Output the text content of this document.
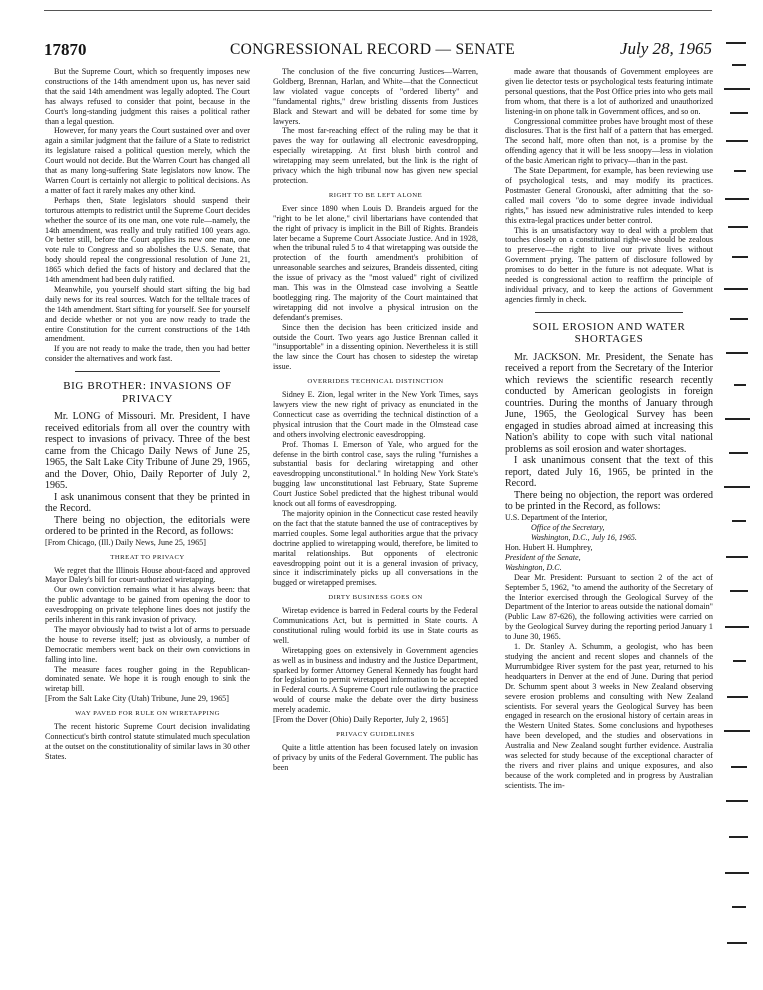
17870	CONGRESSIONAL RECORD — SENATE	July 28, 1965

But the Supreme Court, which so frequently imposes new constructions of the 14th amendment upon us, has never said that the said 14th amendment was legally adopted. The Court has always refused to consider that point, because in the Court's long-standing judgment this raises a political rather than a legal question.

However, for many years the Court sustained over and over again a similar judgment that the failure of a State to redistrict its legislature raised a political question merely, which the Court would not decide. But the Warren Court has changed all that as many long-suffering State legislators now know. The Warren Court is certainly not allergic to political decisions. As a matter of fact it rarely makes any other kind.

Perhaps then, State legislators should suspend their torturous attempts to redistrict until the Supreme Court decides whether the source of its one man, one vote rule—namely, the 14th amendment, was really and truly ratified 100 years ago. Or better still, before the Court applies its new one man, one vote rule to Congress and so abolishes the U.S. Senate, that body should repeal the congressional resolution of June 21, 1865 which defied the facts of history and declared that the 14th amendment had been duly ratified.

Meanwhile, you yourself should start sifting the big bad daily news for its real sources. Watch for the telltale traces of the 14th amendment. Start sifting for yourself. See for yourself and decide whether or not you are now ready to trade the entire Constitution for the current constructions of the 14th amendment.

If you are not ready to make the trade, then you had better consider the alternatives and work fast.

BIG BROTHER: INVASIONS OF PRIVACY

Mr. LONG of Missouri. Mr. President, I have received editorials from all over the country with respect to invasions of privacy. Three of the best came from the Chicago Daily News of June 25, 1965, the Salt Lake City Tribune of June 29, 1965, and the Dover, Ohio, Daily Reporter of July 2, 1965.

I ask unanimous consent that they be printed in the Record.

There being no objection, the editorials were ordered to be printed in the Record, as follows:

[From Chicago, (Ill.) Daily News, June 25, 1965]

THREAT TO PRIVACY

We regret that the Illinois House about-faced and approved Mayor Daley's bill for court-authorized wiretapping.

Our own conviction remains what it has always been: that the public advantage to be gained from opening the door to eavesdropping on private telephone lines does not justify the perils inherent in this rank invasion of privacy.

The mayor obviously had to twist a lot of arms to persuade the house to reverse itself; just as obviously, a number of Democratic members went back on their own convictions in falling into line.

The measure faces rougher going in the Republican-dominated senate. We hope it is rough enough to sink the wiretap bill.

[From the Salt Lake City (Utah) Tribune, June 29, 1965]

WAY PAVED FOR RULE ON WIRETAPPING

The recent historic Supreme Court decision invalidating Connecticut's birth control statute stimulated much speculation at the outset on the constitutionality of similar laws in 30 other States.

The conclusion of the five concurring Justices—Warren, Goldberg, Brennan, Harlan, and White—that the Connecticut law violated vague concepts of "ordered liberty" and "fundamental rights," drew bristling dissents from Justices Black and Stewart and will be debated for some time by lawyers.

The most far-reaching effect of the ruling may be that it paves the way for outlawing all electronic eavesdropping, especially wiretapping. At first blush birth control and wiretapping may seem unrelated, but the link is the right of privacy which the high tribunal now has given new special protection.

RIGHT TO BE LEFT ALONE

Ever since 1890 when Louis D. Brandeis argued for the "right to be let alone," civil libertarians have contended that the right of privacy is implicit in the Bill of Rights. Brandeis later became a Supreme Court Associate Justice. And in 1928, when the tribunal ruled 5 to 4 that wiretapping was outside the protection of the fourth amendment's prohibition of unreasonable searches and seizures, Brandeis dissented, citing the issue of privacy as the "most valued" right of civilized man. This was in the Olmstead case involving a Seattle bootlegging ring. The majority of the Court maintained that wiretapping did not involve a physical intrusion on the defendant's premises.

Since then the decision has been criticized inside and outside the Court. Two years ago Justice Brennan called it "insupportable" in a dissenting opinion. Nevertheless it is still the law since the Court has chosen to sidestep the wiretap issue.

OVERRIDES TECHNICAL DISTINCTION

Sidney E. Zion, legal writer in the New York Times, says lawyers view the new right of privacy as enunciated in the Connecticut case as overriding the technical distinction of a physical intrusion that the Court made in the Olmstead case and others involving electronic eavesdropping.

Prof. Thomas I. Emerson of Yale, who argued for the defense in the birth control case, says the ruling "furnishes a substantial basis for declaring wiretapping and other eavesdropping unconstitutional." In holding New York State's bugging law unconstitutional last February, State Supreme Court Justice Sobel predicted that the highest tribunal would knock out all forms of eavesdropping.

The majority opinion in the Connecticut case rested heavily on the fact that the statute banned the use of contraceptives by married couples. Some legal authorities argue that the privacy doctrine applied to wiretapping would, therefore, be limited to marital relationships. But opponents of electronic eavesdropping point out it is a general invasion of privacy, since it indiscriminately picks up all conversations in the bugged or wiretapped premises.

DIRTY BUSINESS GOES ON

Wiretap evidence is barred in Federal courts by the Federal Communications Act, but is permitted in State courts. A constitutional ruling would forbid its use in State courts as well.

Wiretapping goes on extensively in Government agencies as well as in business and industry and the Justice Department, sparked by former Attorney General Kennedy has fought hard for legislation to permit wiretapped information to be accepted in Federal courts. A Supreme Court rule outlawing the practice would of course make the debate over the dirty business merely academic.

[From the Dover (Ohio) Daily Reporter, July 2, 1965]

PRIVACY GUIDELINES

Quite a little attention has been focused lately on invasion of privacy by units of the Federal Government. The public has been

made aware that thousands of Government employees are given lie detector tests or psychological tests featuring intimate personal questions, that the Post Office pries into who gets mail from whom, that there is a lot of authorized and unauthorized listening-in on phone talk in Government offices, and so on.

Congressional committee probes have brought most of these disclosures. That is the first half of a pattern that has emerged. The second half, more often than not, is a promise by the offending agency that it will be less snoopy—less in violation of the basic American right to privacy—than in the past.

The State Department, for example, has been reviewing use of psychological tests, and may modify its practices. Postmaster General Gronouski, after admitting that the so-called mail covers "do to some degree invade individual rights," has issued new administrative rules intended to keep this extra-legal practices under better control.

This is an unsatisfactory way to deal with a problem that touches closely on a constitutional right-we should be zealous to preserve—the right to live our private lives without Government prying. The pattern of disclosure followed by promises to do better in the future is not adequate. What is needed is congressional action to reaffirm the principle of individual privacy, and to keep the actions of Government agencies firmly in check.

SOIL EROSION AND WATER SHORTAGES

Mr. JACKSON. Mr. President, the Senate has received a report from the Secretary of the Interior which reviews the scientific research recently conducted by American geologists in foreign countries. During the months of January through June, 1965, the Geological Survey has been engaged in studies abroad aimed at increasing this Nation's ability to cope with such vital national problems as soil erosion and water shortages.

I ask unanimous consent that the text of this report, dated July 16, 1965, be printed in the Record.

There being no objection, the report was ordered to be printed in the Record, as follows:

U.S. Department of the Interior,
Office of the Secretary,
Washington, D.C., July 16, 1965.
Hon. Hubert H. Humphrey,
President of the Senate,
Washington, D.C.

Dear Mr. President: Pursuant to section 2 of the act of September 5, 1962, "to amend the authority of the Secretary of the Interior exercised through the Geological Survey of the Department of the Interior to areas outside the national domain" (Public Law 87-626), the following activities were carried on by the Geological Survey during the reporting period January 1 to June 30, 1965.

1. Dr. Stanley A. Schumm, a geologist, who has been studying the ancient and recent slopes and channels of the Murrumbidgee River system for the past year, returned to his headquarters in Denver at the end of June. During that period Dr. Schumm spent about 3 weeks in New Zealand observing severe erosion problems and consulting with New Zealand scientists. For several years the Geological Survey has been engaged in research on the erosional history of certain areas in the Western United States. Some conclusions and hypotheses have been developed, and the studies and observations in Australia and New Zealand sought further evidence. Australia was selected for study because of the exceptional character of the rivers and river plains and unique exposures, and also because of the work completed and in progress by Australian scientists. The im-
